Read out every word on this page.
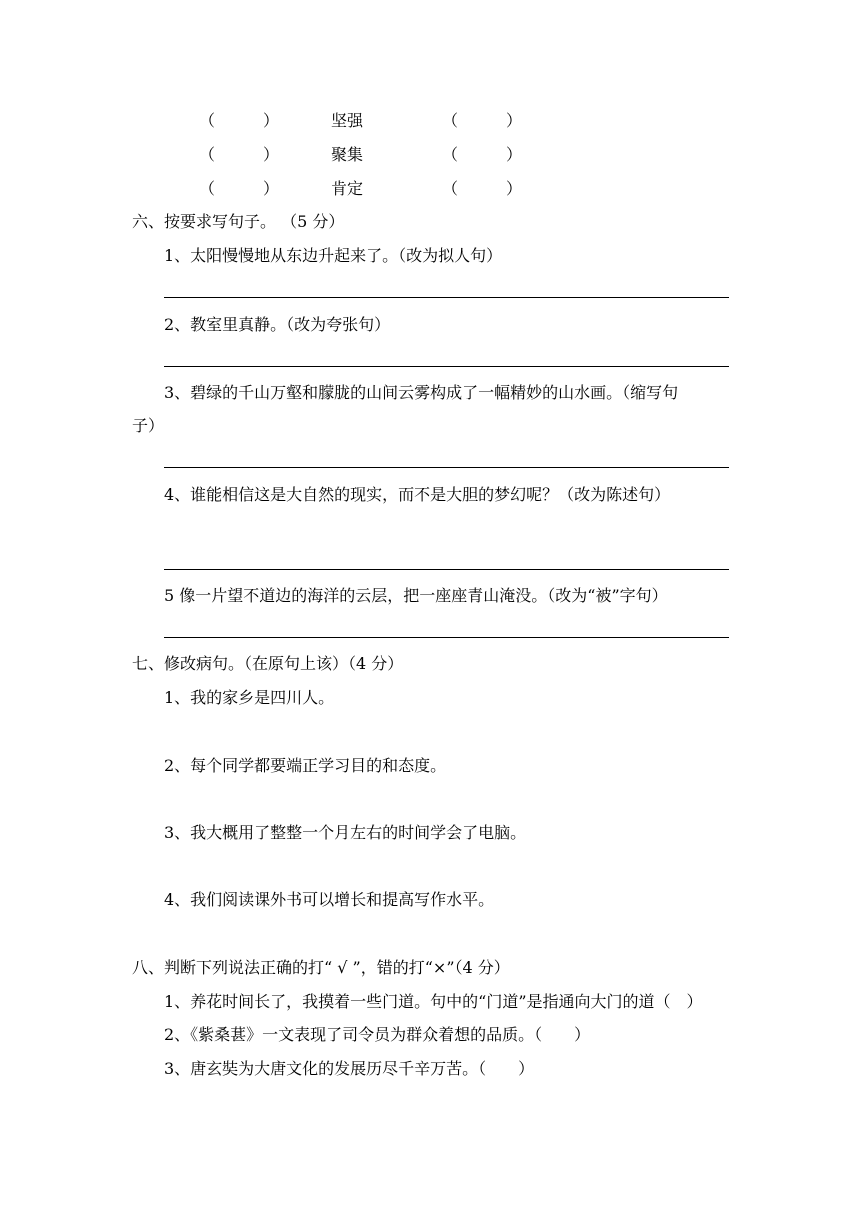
（　　　）	坚强	（　　　）
（　　　）	聚集	（　　　）
（　　　）	肯定	（　　　）
六、按要求写句子。 （5 分）
1、太阳慢慢地从东边升起来了。（改为拟人句）
2、教室里真静。（改为夸张句）
3、碧绿的千山万壑和朦胧的山间云雾构成了一幅精妙的山水画。（缩写句
子）
4、谁能相信这是大自然的现实，而不是大胆的梦幻呢？（改为陈述句）
5 像一片望不道边的海洋的云层，把一座座青山淹没。（改为“被”字句）
七、修改病句。（在原句上该）（4 分）
1、我的家乡是四川人。
2、每个同学都要端正学习目的和态度。
3、我大概用了整整一个月左右的时间学会了电脑。
4、我们阅读课外书可以增长和提高写作水平。
八、判断下列说法正确的打“ √ ”，错的打“×”（4 分）
1、养花时间长了，我摸着一些门道。句中的“门道”是指通向大门的道（　）
2、《紫桑葚》一文表现了司令员为群众着想的品质。（　　）
3、唐玄奘为大唐文化的发展历尽千辛万苦。（　　）
